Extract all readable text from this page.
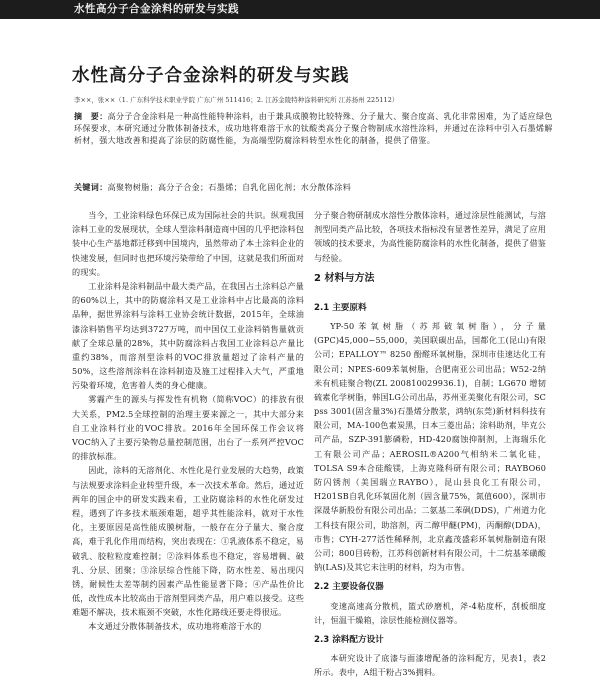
水性高分子合金涂料的研发与实践
水性高分子合金涂料的研发与实践
李××，张××（1. 广东科学技术职业学院 广东广州 511416；2. 江苏金陵特种涂料研究所 江苏扬州 225112）
摘　要：高分子合金涂料是一种高性能特种涂料，由于兼具成膜物比较特殊、分子量大、聚合度高、乳化非常困难，为了适应绿色环保要求，本研究通过分散体制备技术，成功地将难溶于水的钛酸类高分子聚合物制成水溶性涂料，并通过在涂料中引入石墨烯解析材，强大地改善和提高了涂层的防腐性能，为高端型防腐涂料转型水性化的制备，提供了借鉴。
关键词：高聚物树脂；高分子合金；石墨烯；自乳化固化剂；水分散体涂料

当今，工业涂料绿色环保已成为国际社会的共识。纵观我国涂料工业的发展现状，全球人型涂料制造商中国的几乎把涂料包装中心生产基地都迁移到中国境内，虽然带动了本土涂料企业的快速发展，但同时也把环境污染带给了中国，这就是我们所面对的现实。

工业涂料是涂料制品中最大类产品，在我国占土涂料总产量的60%以上，其中的防腐涂料又是工业涂料中占比最高的涂料品种，据世界涂料与涂料工业协会统计数据，2015年，全球油漆涂料销售平均达到3727万吨，而中国仅工业涂料销售量就贡献了全球总量的28%，其中防腐涂料占我国工业涂料总产量比重约38%，而溶剂型涂料的VOC排放量超过了涂料产量的50%，这些溶剂涂料在涂料制造及施工过程排入大气，严重地污染着环境，危害着人类的身心健康。

雾霾产生的源头与挥发性有机物（简称VOC）的排放有很大关系，PM2.5全球控制的治理主要来源之一，其中大部分来自工业涂料行业的VOC排放。2016年全国环保工作会议将VOC纳入了主要污染物总量控制范围，出台了一系列严控VOC的排放标准。

因此，涂料的无溶剂化、水性化是行业发展的大趋势，政策与法规要求涂料企业转型升级，本一次技术革命。然后，通过近两年的国企中的研发实践来看，工业防腐涂料的水性化研发过程，遇到了许多技术瓶颈难题，超乎其性能涂料，就对于水性化，主要原因是高性能成膜树脂，一般存在分子量大、聚合度高，难于乳化作用而结构，突出表现在：①乳液体系不稳定，易破乳、胶粒粒度难控制；②涂料体系也不稳定，容易增稠、破乳、分层、团聚；③涂层综合性能下降，防水性差、易出现闪锈，耐候性太差等制约因素产品性能显著下降；④产品性价比低，改性成本比较高由于溶剂型同类产品，用户难以接受。这些难题不解决，技术瓶颈不突破，水性化路线还要走得很远。

本文通过分散体制备技术，成功地将难溶于水的

分子聚合物研制成水溶性分散体涂料，通过涂层性能测试，与溶剂型同类产品比较，各项技术指标没有显著性差异，满足了应用领域的技术要求，为高性能防腐涂料的水性化制备，提供了借鉴与经验。

2 材料与方法
2.1 主要原料

YP-50苯氧树脂（苏邦破氧树脂），分子量(GPC)45,000~55,000，美国联碳出品，国都化工(昆山)有限公司；EPALLOY™ 8250 酚醛环氧树脂，深圳市佳速达化工有限公司；NPES-609苯氧树脂，合肥南亚公司出品；W52-2纳米有机硅聚合物(ZL 200810029936.1)，自制；LG670 增韧硫素化学树脂，韩国LG公司出品，苏州亚美聚化有限公司，SC pss 3001(固含量3%)石墨烯分散浆，鸿纳(东莞)新材料科技有限公司，MA-100色素炭黑，日本三菱出品；涂料助剂，毕克公司产品，SZP-391膨磷粉，HD-420腐蚀抑制剂，上海瑞乐化工有限公司产品；AEROSIL®A200气相纳米二氧化硅，TOLSA S9本合硅酸镁，上海克隆科研有限公司；RAYBO60防闪锈剂（美国瑞立RAYBO），昆山县良化工有限公司，H201SB自乳化环氧固化剂（固含量75%，氮值600），深圳市深晟华新股份有限公司出品；二氨基二苯砜(DDS)，广州道力化工科技有限公司，助溶剂，丙二醇甲醚(PM)，丙酮醇(DDA)，市售；CYH-277活性稀释剂，北京鑫茂盛彩环氧树脂制造有限公司；800目砖粉，江苏科创新材料有限公司，十二烷基苯磺酸钠(LAS)及其它未注明的材料，均为市售。

2.2 主要设备仪器

变速高速高分散机，篮式砂磨机，斧-4粘度杯，刮板细度计，恒温干燥箱，涂层性能检测仪器等。

2.3 涂料配方设计

本研究设计了底漆与面漆增配备的涂料配方，见表1，表2所示。表中，A组干粉占3%拥料。
